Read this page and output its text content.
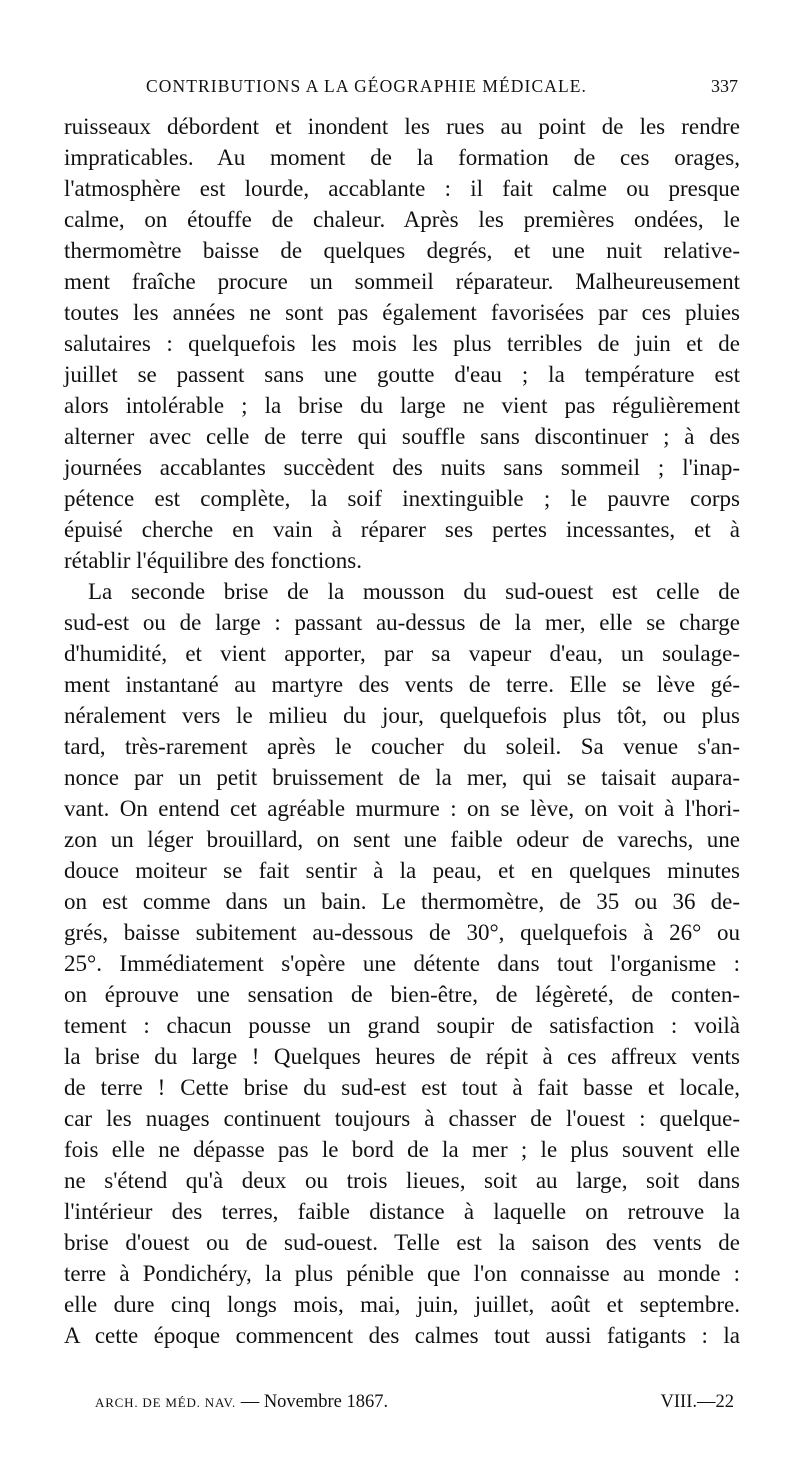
CONTRIBUTIONS A LA GÉOGRAPHIE MÉDICALE.	337
ruisseaux débordent et inondent les rues au point de les rendre
impraticables. Au moment de la formation de ces orages,
l'atmosphère est lourde, accablante : il fait calme ou presque
calme, on étouffe de chaleur. Après les premières ondées, le
thermomètre baisse de quelques degrés, et une nuit relative-
ment fraîche procure un sommeil réparateur. Malheureusement
toutes les années ne sont pas également favorisées par ces pluies
salutaires : quelquefois les mois les plus terribles de juin et de
juillet se passent sans une goutte d'eau ; la température est
alors intolérable ; la brise du large ne vient pas régulièrement
alterner avec celle de terre qui souffle sans discontinuer ; à des
journées accablantes succèdent des nuits sans sommeil ; l'inap-
pétence est complète, la soif inextinguible ; le pauvre corps
épuisé cherche en vain à réparer ses pertes incessantes, et à
rétablir l'équilibre des fonctions.
La seconde brise de la mousson du sud-ouest est celle de
sud-est ou de large : passant au-dessus de la mer, elle se charge
d'humidité, et vient apporter, par sa vapeur d'eau, un soulage-
ment instantané au martyre des vents de terre. Elle se lève gé-
néralement vers le milieu du jour, quelquefois plus tôt, ou plus
tard, très-rarement après le coucher du soleil. Sa venue s'an-
nonce par un petit bruissement de la mer, qui se taisait aupara-
vant. On entend cet agréable murmure : on se lève, on voit à l'hori-
zon un léger brouillard, on sent une faible odeur de varechs, une
douce moiteur se fait sentir à la peau, et en quelques minutes
on est comme dans un bain. Le thermomètre, de 35 ou 36 de-
grés, baisse subitement au-dessous de 30°, quelquefois à 26° ou
25°. Immédiatement s'opère une détente dans tout l'organisme :
on éprouve une sensation de bien-être, de légèreté, de conten-
tement : chacun pousse un grand soupir de satisfaction : voilà
la brise du large ! Quelques heures de répit à ces affreux vents
de terre ! Cette brise du sud-est est tout à fait basse et locale,
car les nuages continuent toujours à chasser de l'ouest : quelque-
fois elle ne dépasse pas le bord de la mer ; le plus souvent elle
ne s'étend qu'à deux ou trois lieues, soit au large, soit dans
l'intérieur des terres, faible distance à laquelle on retrouve la
brise d'ouest ou de sud-ouest. Telle est la saison des vents de
terre à Pondichéry, la plus pénible que l'on connaisse au monde :
elle dure cinq longs mois, mai, juin, juillet, août et septembre.
A cette époque commencent des calmes tout aussi fatigants : la
ARCH. DE MÉD. NAV. — Novembre 1867.	VIII.—22
